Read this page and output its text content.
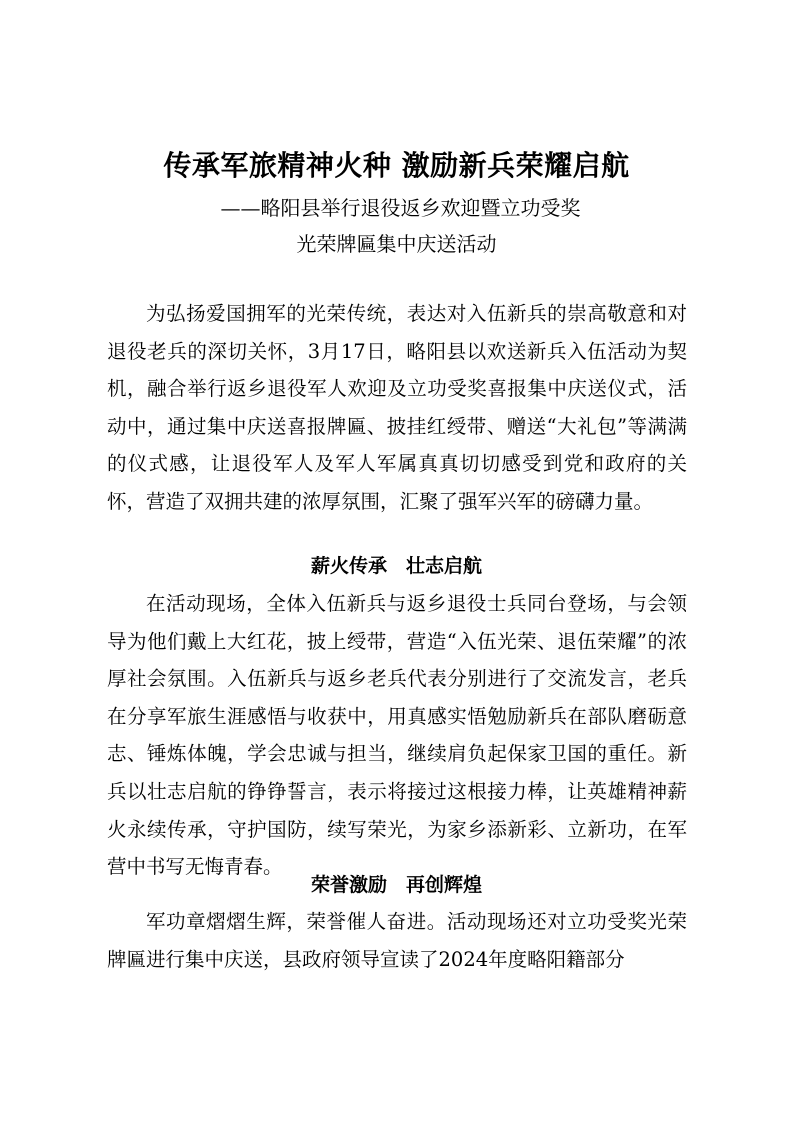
传承军旅精神火种 激励新兵荣耀启航
——略阳县举行退役返乡欢迎暨立功受奖
光荣牌匾集中庆送活动

为弘扬爱国拥军的光荣传统，表达对入伍新兵的崇高敬意和对退役老兵的深切关怀，3月17日，略阳县以欢送新兵入伍活动为契机，融合举行返乡退役军人欢迎及立功受奖喜报集中庆送仪式，活动中，通过集中庆送喜报牌匾、披挂红绶带、赠送“大礼包”等满满的仪式感，让退役军人及军人军属真真切切感受到党和政府的关怀，营造了双拥共建的浓厚氛围，汇聚了强军兴军的磅礴力量。

薪火传承　壮志启航

在活动现场，全体入伍新兵与返乡退役士兵同台登场，与会领导为他们戴上大红花，披上绶带，营造“入伍光荣、退伍荣耀”的浓厚社会氛围。入伍新兵与返乡老兵代表分别进行了交流发言，老兵在分享军旅生涯感悟与收获中，用真感实悟勉励新兵在部队磨砺意志、锤炼体魄，学会忠诚与担当，继续肩负起保家卫国的重任。新兵以壮志启航的铮铮誓言，表示将接过这根接力棒，让英雄精神薪火永续传承，守护国防，续写荣光，为家乡添新彩、立新功，在军营中书写无悔青春。

荣誉激励　再创辉煌

军功章熠熠生辉，荣誉催人奋进。活动现场还对立功受奖光荣牌匾进行集中庆送，县政府领导宣读了2024年度略阳籍部分
